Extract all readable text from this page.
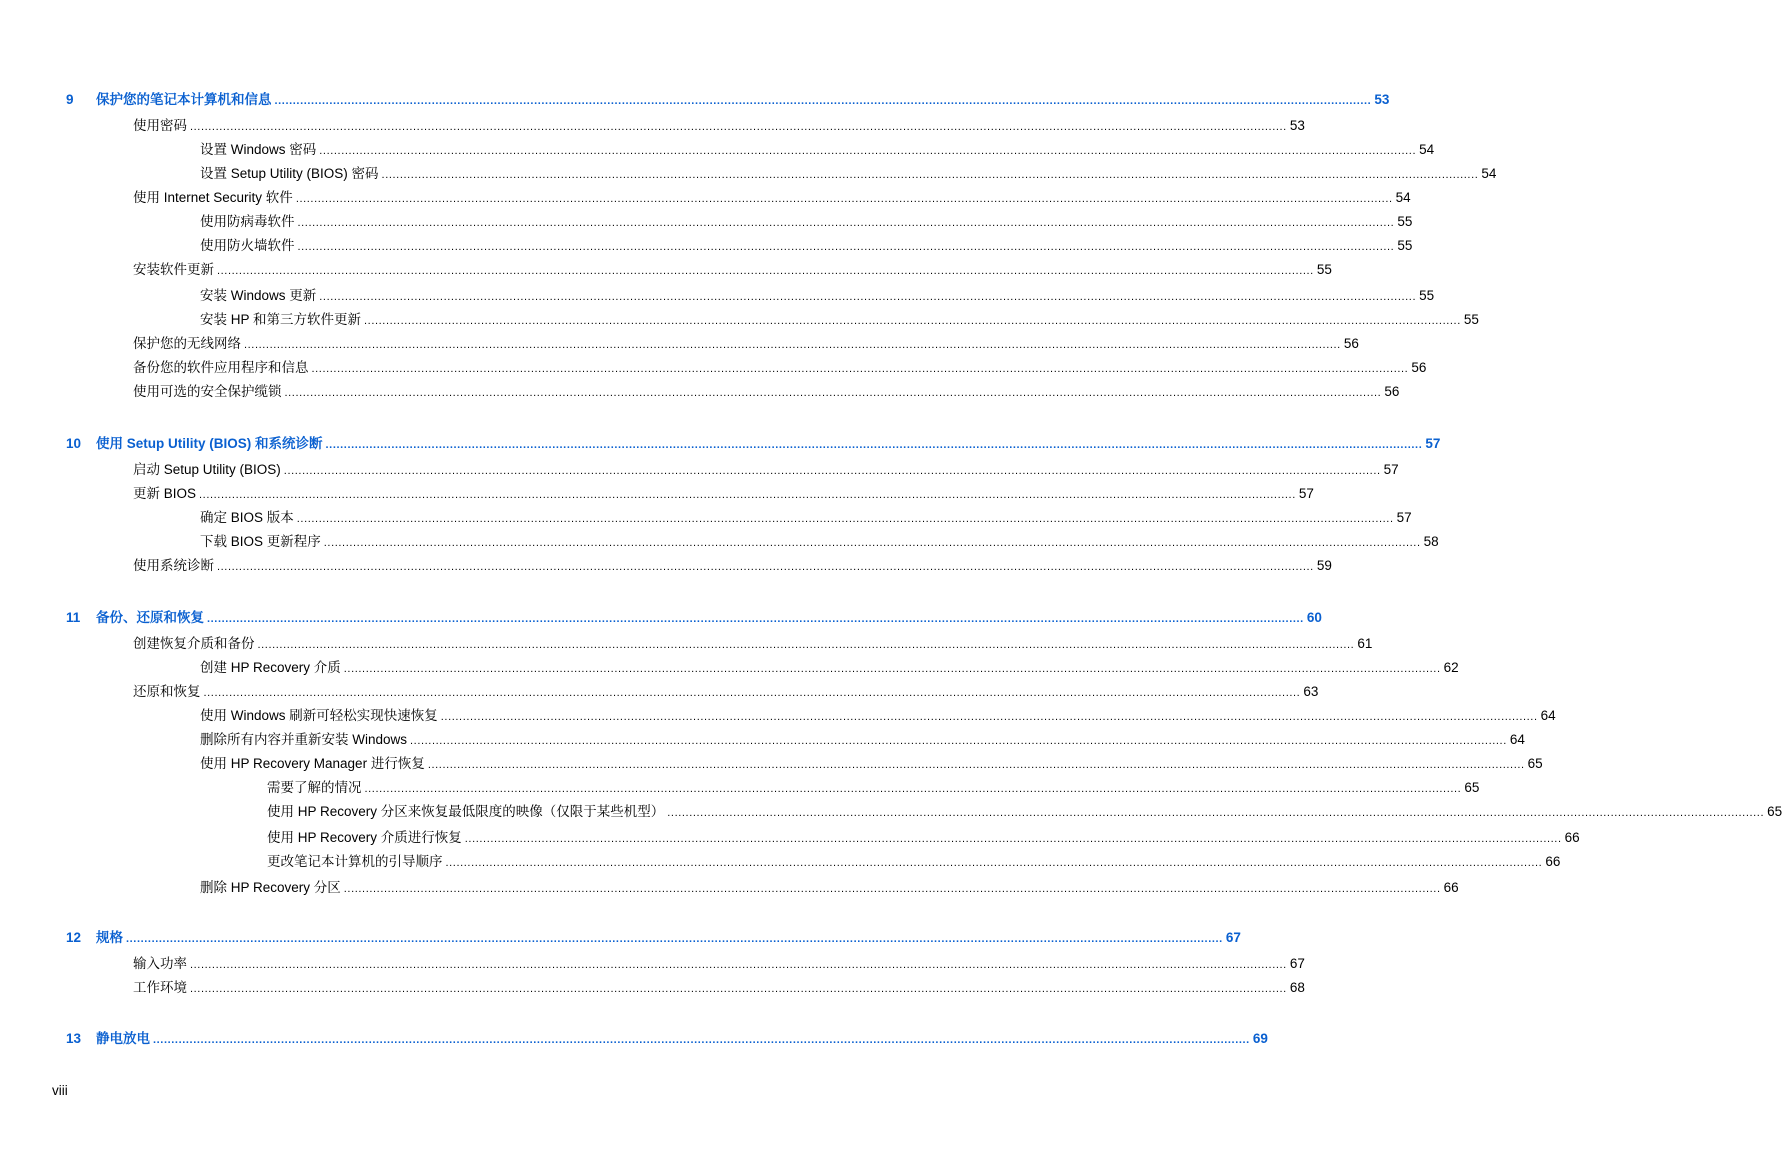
9 保护您的笔记本计算机和信息 ............................................................................................................................................................................................................................................................................................................ 53
使用密码 ............................................................................................................................................................................................................................................................................................................ 53
设置 Windows 密码 ............................................................................................................................................................................................................................................................................................................ 54
设置 Setup Utility (BIOS) 密码 ............................................................................................................................................................................................................................................................................................................ 54
使用 Internet Security 软件 ............................................................................................................................................................................................................................................................................................................ 54
使用防病毒软件 ............................................................................................................................................................................................................................................................................................................ 55
使用防火墙软件 ............................................................................................................................................................................................................................................................................................................ 55
安装软件更新 ............................................................................................................................................................................................................................................................................................................ 55
安装 Windows 更新 ............................................................................................................................................................................................................................................................................................................ 55
安装 HP 和第三方软件更新 ............................................................................................................................................................................................................................................................................................................ 55
保护您的无线网络 ............................................................................................................................................................................................................................................................................................................ 56
备份您的软件应用程序和信息 ............................................................................................................................................................................................................................................................................................................ 56
使用可选的安全保护缆锁 ............................................................................................................................................................................................................................................................................................................ 56
10 使用 Setup Utility (BIOS) 和系统诊断 ............................................................................................................................................................................................................................................................................................................ 57
启动 Setup Utility (BIOS) ............................................................................................................................................................................................................................................................................................................ 57
更新 BIOS ............................................................................................................................................................................................................................................................................................................ 57
确定 BIOS 版本 ............................................................................................................................................................................................................................................................................................................ 57
下载 BIOS 更新程序 ............................................................................................................................................................................................................................................................................................................ 58
使用系统诊断 ............................................................................................................................................................................................................................................................................................................ 59
11 备份、还原和恢复 ............................................................................................................................................................................................................................................................................................................ 60
创建恢复介质和备份 ............................................................................................................................................................................................................................................................................................................ 61
创建 HP Recovery 介质 ............................................................................................................................................................................................................................................................................................................ 62
还原和恢复 ............................................................................................................................................................................................................................................................................................................ 63
使用 Windows 刷新可轻松实现快速恢复 ............................................................................................................................................................................................................................................................................................................ 64
删除所有内容并重新安装 Windows ............................................................................................................................................................................................................................................................................................................ 64
使用 HP Recovery Manager 进行恢复 ............................................................................................................................................................................................................................................................................................................ 65
需要了解的情况 ............................................................................................................................................................................................................................................................................................................ 65
使用 HP Recovery 分区来恢复最低限度的映像（仅限于某些机型） ............................................................................................................................................................................................................................................................................................................ 65
使用 HP Recovery 介质进行恢复 ............................................................................................................................................................................................................................................................................................................ 66
更改笔记本计算机的引导顺序 ............................................................................................................................................................................................................................................................................................................ 66
删除 HP Recovery 分区 ............................................................................................................................................................................................................................................................................................................ 66
12 规格 ............................................................................................................................................................................................................................................................................................................ 67
输入功率 ............................................................................................................................................................................................................................................................................................................ 67
工作环境 ............................................................................................................................................................................................................................................................................................................ 68
13 静电放电 ............................................................................................................................................................................................................................................................................................................ 69
viii
